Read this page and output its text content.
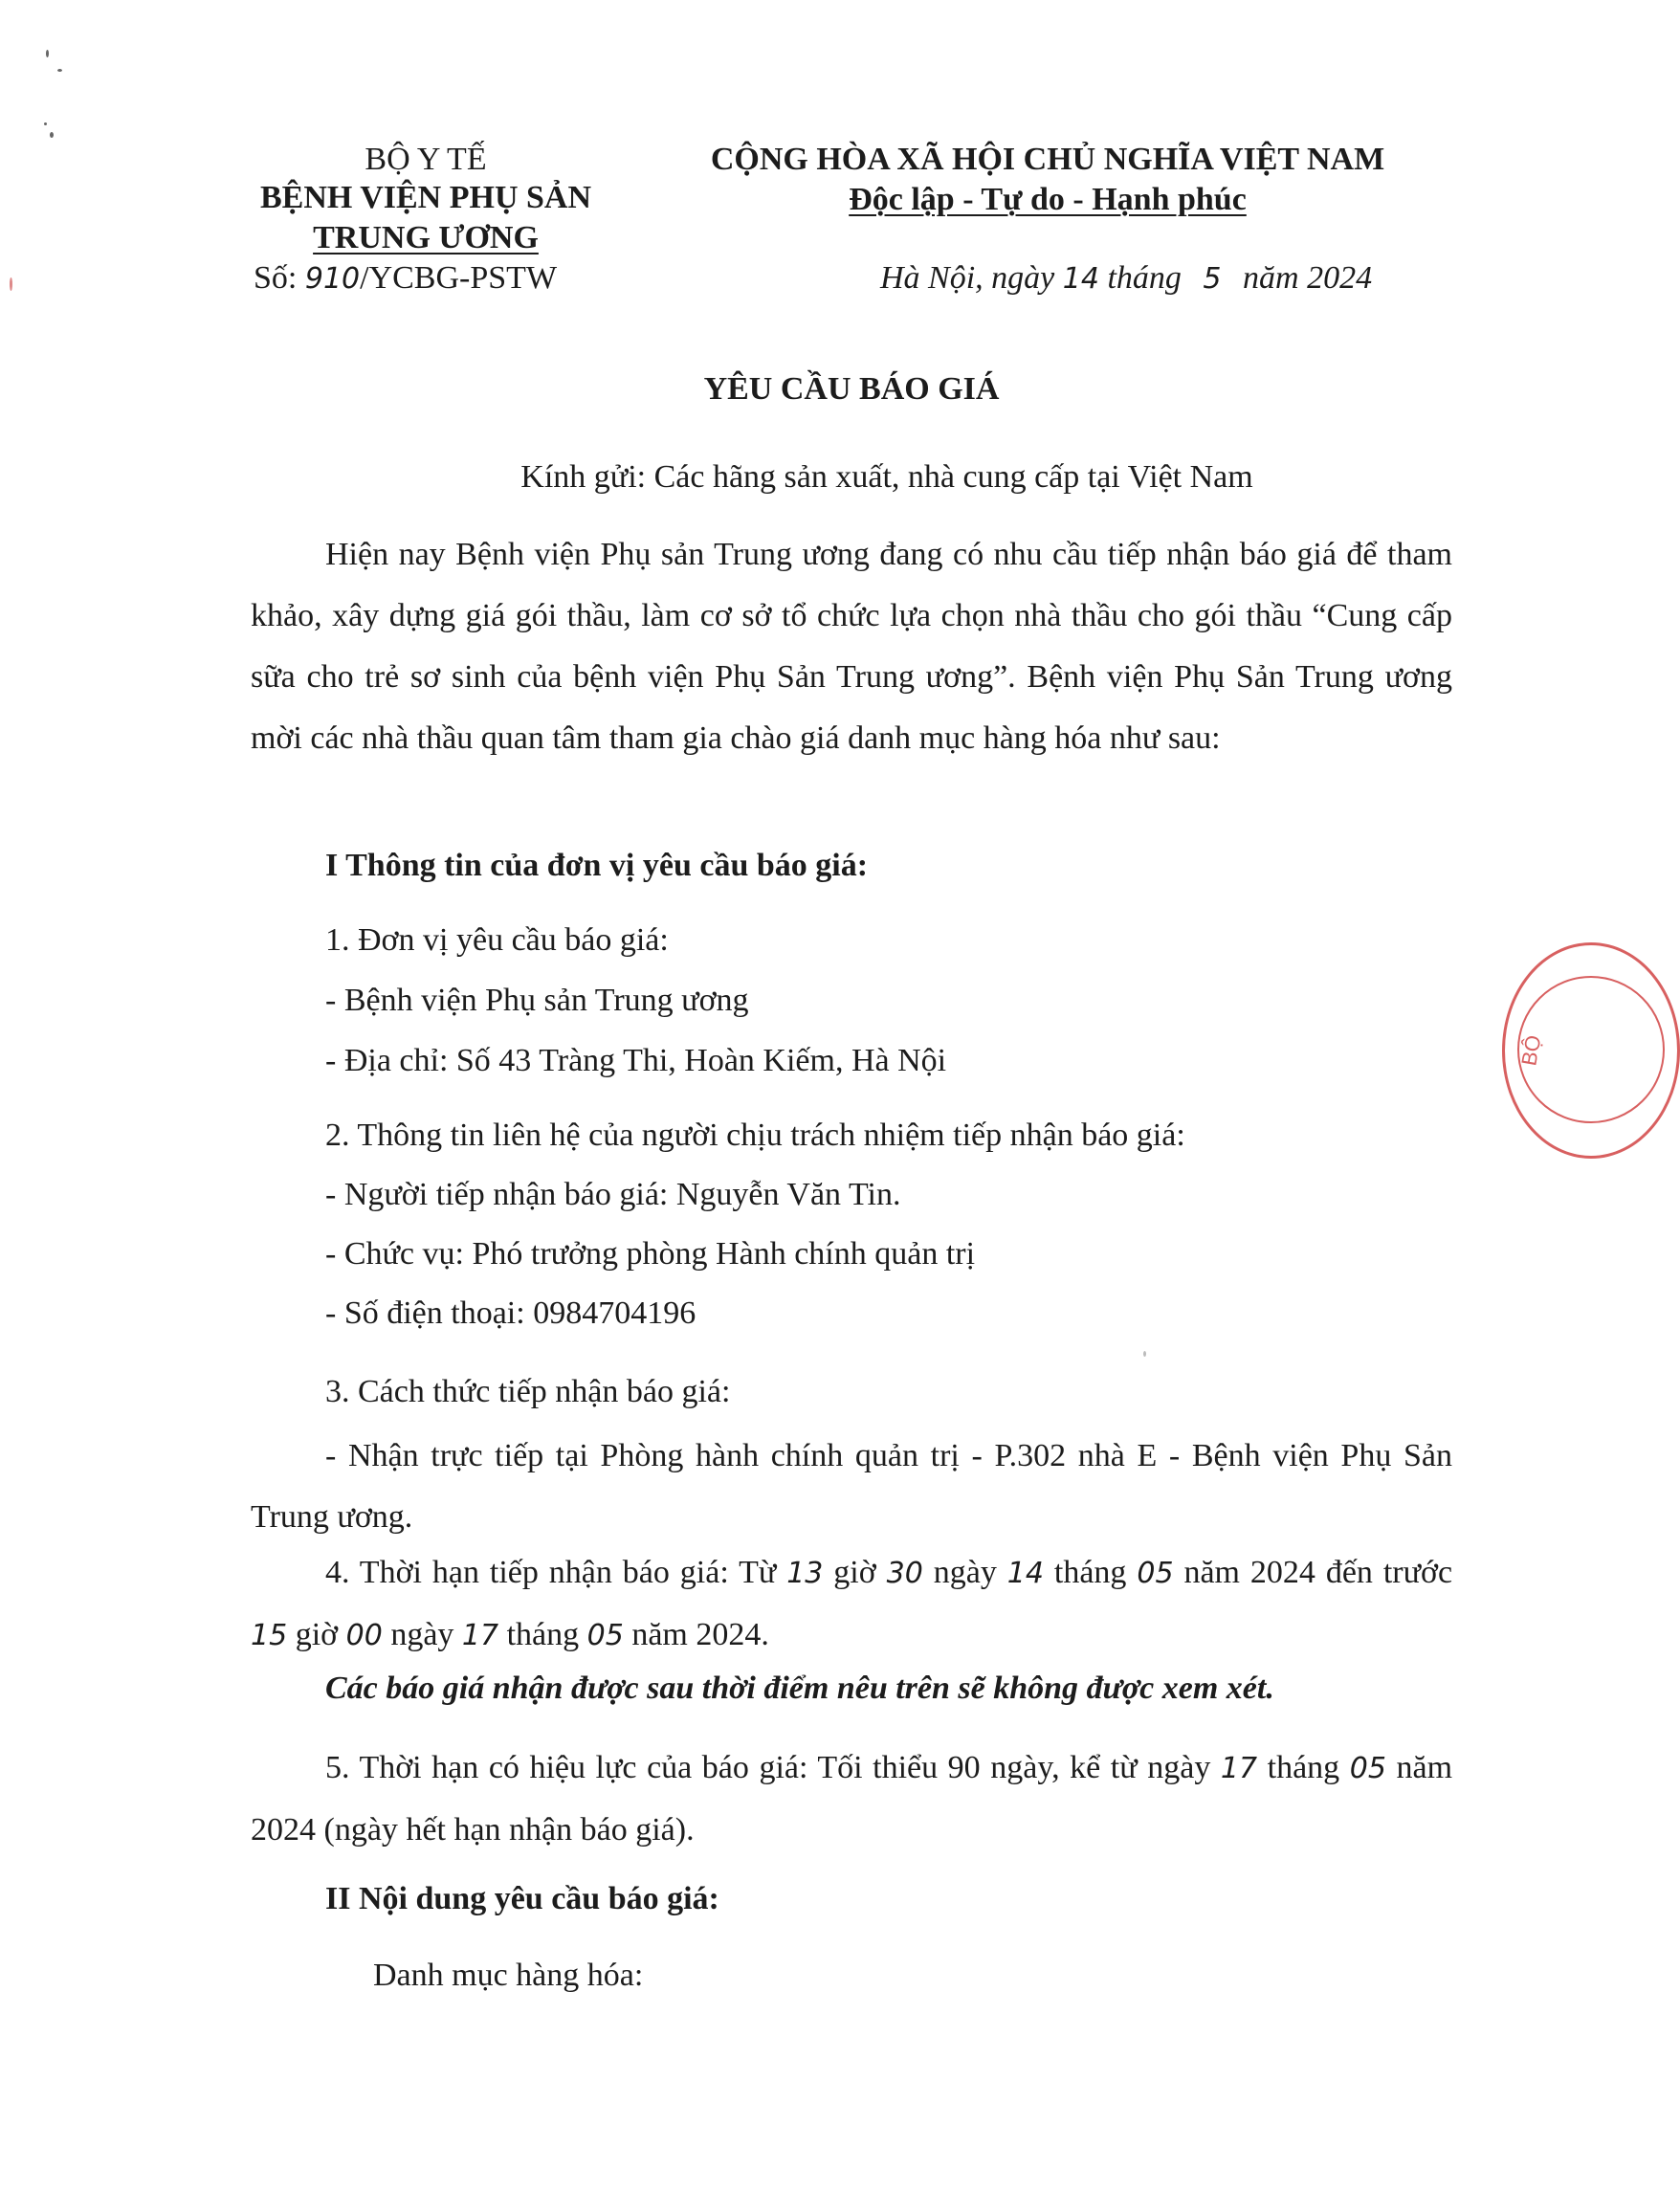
BỘ Y TẾ
BỆNH VIỆN PHỤ SẢN
TRUNG ƯƠNG
Số: 910/YCBG-PSTW
CỘNG HÒA XÃ HỘI CHỦ NGHĨA VIỆT NAM
Độc lập - Tự do - Hạnh phúc
Hà Nội, ngày 14 tháng 5 năm 2024
YÊU CẦU BÁO GIÁ
Kính gửi: Các hãng sản xuất, nhà cung cấp tại Việt Nam

Hiện nay Bệnh viện Phụ sản Trung ương đang có nhu cầu tiếp nhận báo giá để tham khảo, xây dựng giá gói thầu, làm cơ sở tổ chức lựa chọn nhà thầu cho gói thầu “Cung cấp sữa cho trẻ sơ sinh của bệnh viện Phụ Sản Trung ương”. Bệnh viện Phụ Sản Trung ương mời các nhà thầu quan tâm tham gia chào giá danh mục hàng hóa như sau:

I Thông tin của đơn vị yêu cầu báo giá:
1. Đơn vị yêu cầu báo giá:
- Bệnh viện Phụ sản Trung ương
- Địa chỉ: Số 43 Tràng Thi, Hoàn Kiếm, Hà Nội
2. Thông tin liên hệ của người chịu trách nhiệm tiếp nhận báo giá:
- Người tiếp nhận báo giá: Nguyễn Văn Tin.
- Chức vụ: Phó trưởng phòng Hành chính quản trị
- Số điện thoại: 0984704196
3. Cách thức tiếp nhận báo giá:

- Nhận trực tiếp tại Phòng hành chính quản trị - P.302 nhà E - Bệnh viện Phụ Sản Trung ương.

4. Thời hạn tiếp nhận báo giá: Từ 13 giờ 30 ngày 14 tháng 05 năm 2024 đến trước 15 giờ 00 ngày 17 tháng 05 năm 2024.

Các báo giá nhận được sau thời điểm nêu trên sẽ không được xem xét.

5. Thời hạn có hiệu lực của báo giá: Tối thiểu 90 ngày, kể từ ngày 17 tháng 05 năm 2024 (ngày hết hạn nhận báo giá).

II Nội dung yêu cầu báo giá:
Danh mục hàng hóa:
BỘ
